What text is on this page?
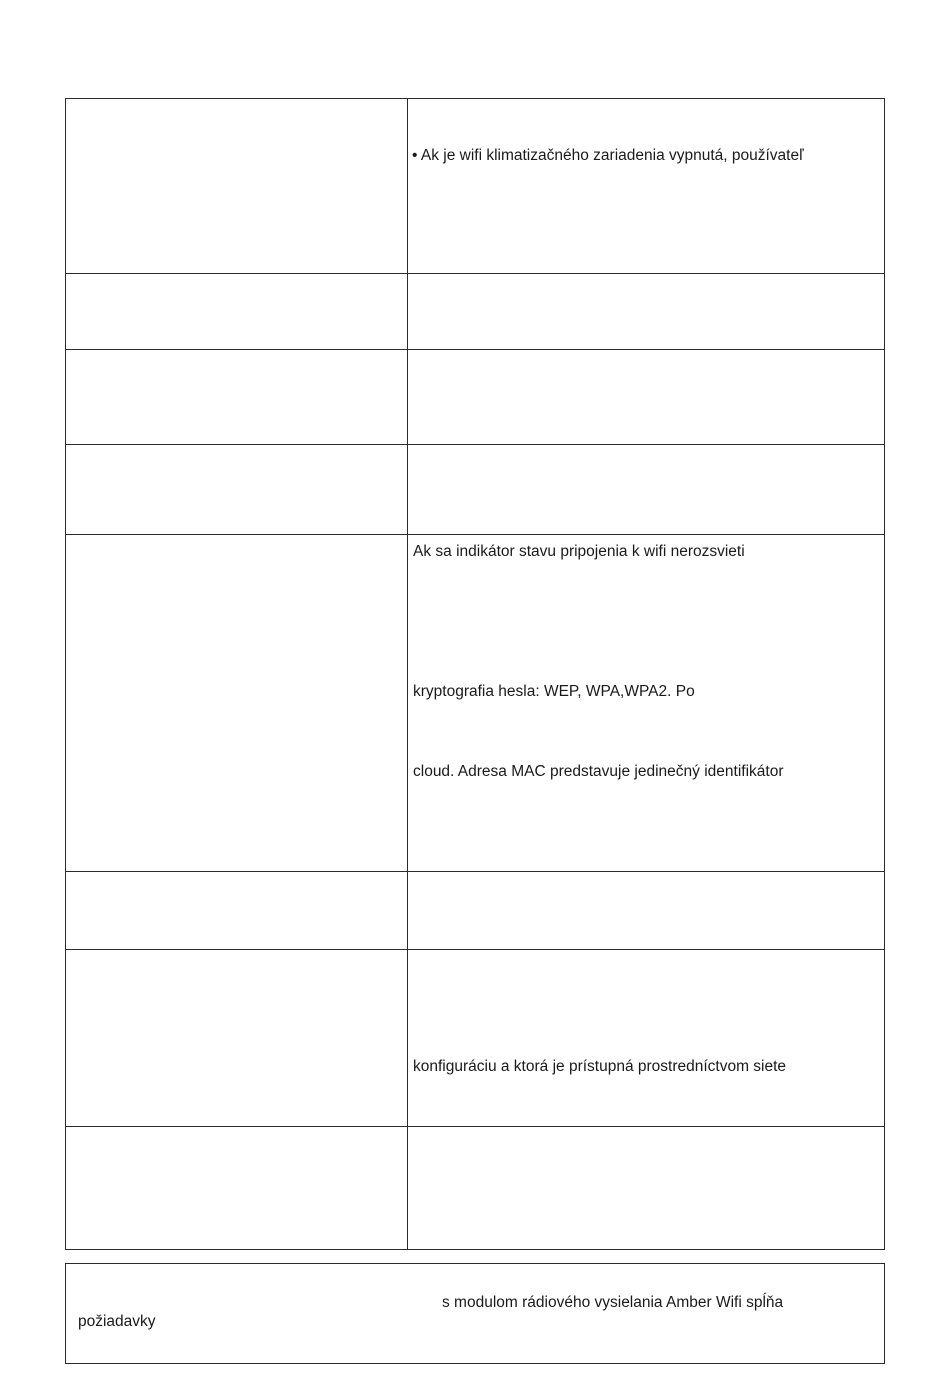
• Ak je wifi klimatizačného zariadenia vypnutá, používateľ
Ak sa indikátor stavu pripojenia k wifi nerozsvieti
kryptografia hesla: WEP, WPA,WPA2. Po
cloud. Adresa MAC predstavuje jedinečný identifikátor
konfiguráciu a ktorá je prístupná prostredníctvom siete
s modulom rádiového vysielania Amber Wifi spĺňa
požiadavky
